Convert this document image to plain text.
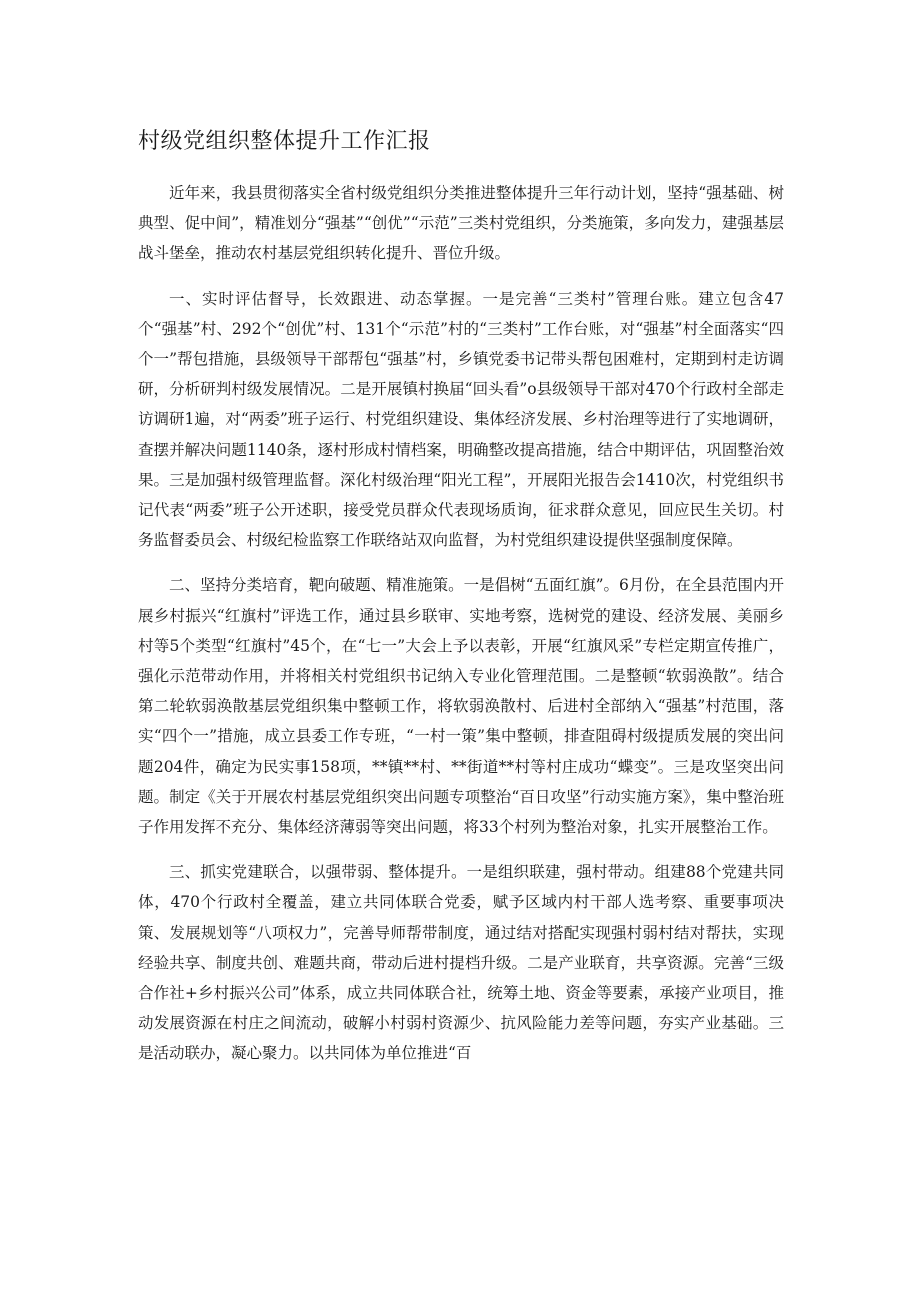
村级党组织整体提升工作汇报

近年来，我县贯彻落实全省村级党组织分类推进整体提升三年行动计划，坚持“强基础、树典型、促中间”，精准划分“强基”“创优”“示范”三类村党组织，分类施策，多向发力，建强基层战斗堡垒，推动农村基层党组织转化提升、晋位升级。

一、实时评估督导，长效跟进、动态掌握。一是完善“三类村”管理台账。建立包含47个“强基”村、292个“创优”村、131个“示范”村的“三类村”工作台账，对“强基”村全面落实“四个一”帮包措施，县级领导干部帮包“强基”村，乡镇党委书记带头帮包困难村，定期到村走访调研，分析研判村级发展情况。二是开展镇村换届“回头看”o县级领导干部对470个行政村全部走访调研1遍，对“两委”班子运行、村党组织建设、集体经济发展、乡村治理等进行了实地调研，查摆并解决问题1140条，逐村形成村情档案，明确整改提高措施，结合中期评估，巩固整治效果。三是加强村级管理监督。深化村级治理“阳光工程”，开展阳光报告会1410次，村党组织书记代表“两委”班子公开述职，接受党员群众代表现场质询，征求群众意见，回应民生关切。村务监督委员会、村级纪检监察工作联络站双向监督，为村党组织建设提供坚强制度保障。

二、坚持分类培育，靶向破题、精准施策。一是倡树“五面红旗”。6月份，在全县范围内开展乡村振兴“红旗村”评选工作，通过县乡联审、实地考察，选树党的建设、经济发展、美丽乡村等5个类型“红旗村”45个，在“七一”大会上予以表彰，开展“红旗风采”专栏定期宣传推广，强化示范带动作用，并将相关村党组织书记纳入专业化管理范围。二是整顿“软弱涣散”。结合第二轮软弱涣散基层党组织集中整顿工作，将软弱涣散村、后进村全部纳入“强基”村范围，落实“四个一”措施，成立县委工作专班，“一村一策”集中整顿，排查阻碍村级提质发展的突出问题204件，确定为民实事158项，**镇**村、**街道**村等村庄成功“蝶变”。三是攻坚突出问题。制定《关于开展农村基层党组织突出问题专项整治“百日攻坚”行动实施方案》，集中整治班子作用发挥不充分、集体经济薄弱等突出问题，将33个村列为整治对象，扎实开展整治工作。

三、抓实党建联合，以强带弱、整体提升。一是组织联建，强村带动。组建88个党建共同体，470个行政村全覆盖，建立共同体联合党委，赋予区域内村干部人选考察、重要事项决策、发展规划等“八项权力”，完善导师帮带制度，通过结对搭配实现强村弱村结对帮扶，实现经验共享、制度共创、难题共商，带动后进村提档升级。二是产业联育，共享资源。完善“三级合作社+乡村振兴公司”体系，成立共同体联合社，统筹土地、资金等要素，承接产业项目，推动发展资源在村庄之间流动，破解小村弱村资源少、抗风险能力差等问题，夯实产业基础。三是活动联办，凝心聚力。以共同体为单位推进“百
